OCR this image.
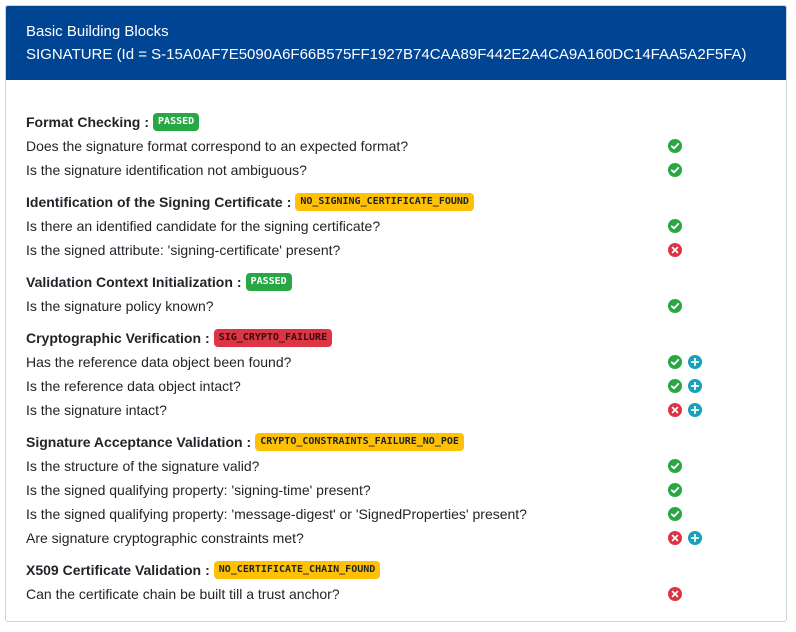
Basic Building Blocks
SIGNATURE (Id = S-15A0AF7E5090A6F66B575FF1927B74CAA89F442E2A4CA9A160DC14FAA5A2F5FA)
Format Checking : PASSED
Does the signature format correspond to an expected format?
Is the signature identification not ambiguous?
Identification of the Signing Certificate : NO_SIGNING_CERTIFICATE_FOUND
Is there an identified candidate for the signing certificate?
Is the signed attribute: 'signing-certificate' present?
Validation Context Initialization : PASSED
Is the signature policy known?
Cryptographic Verification : SIG_CRYPTO_FAILURE
Has the reference data object been found?
Is the reference data object intact?
Is the signature intact?
Signature Acceptance Validation : CRYPTO_CONSTRAINTS_FAILURE_NO_POE
Is the structure of the signature valid?
Is the signed qualifying property: 'signing-time' present?
Is the signed qualifying property: 'message-digest' or 'SignedProperties' present?
Are signature cryptographic constraints met?
X509 Certificate Validation : NO_CERTIFICATE_CHAIN_FOUND
Can the certificate chain be built till a trust anchor?
